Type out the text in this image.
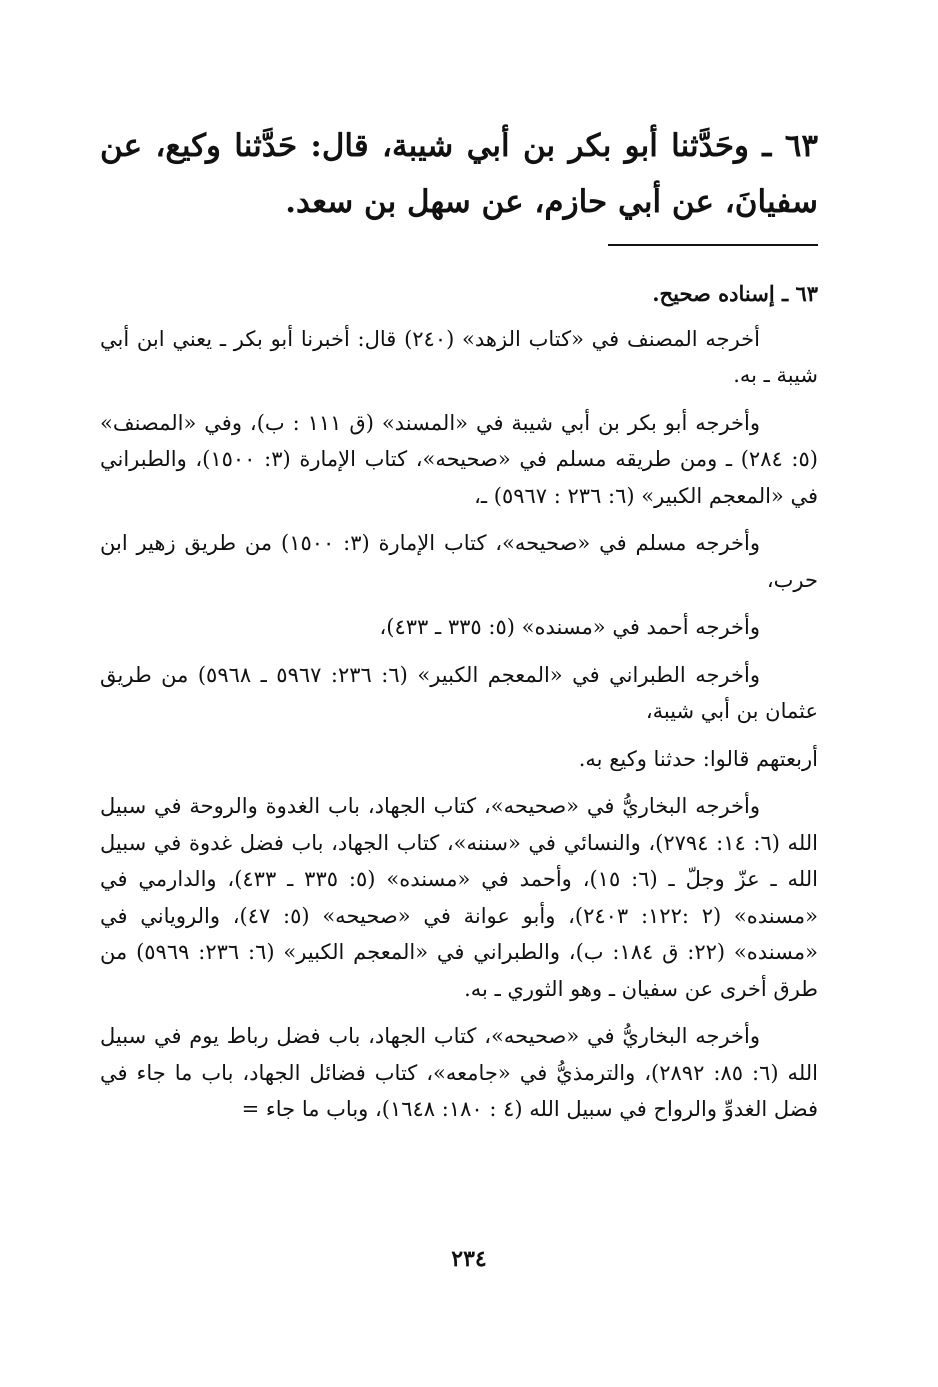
٦٣ ـ وحَدَّثنا أبو بكر بن أبي شيبة، قال: حَدَّثنا وكيع، عن سفيانَ، عن أبي حازم، عن سهل بن سعد.

٦٣ ـ إسناده صحيح.

أخرجه المصنف في «كتاب الزهد» (٢٤٠) قال: أخبرنا أبو بكر ـ يعني ابن أبي شيبة ـ به.

وأخرجه أبو بكر بن أبي شيبة في «المسند» (ق ١١١ : ب)، وفي «المصنف» (٥: ٢٨٤) ـ ومن طريقه مسلم في «صحيحه»، كتاب الإمارة (٣: ١٥٠٠)، والطبراني في «المعجم الكبير» (٦: ٢٣٦ : ٥٩٦٧) ـ،

وأخرجه مسلم في «صحيحه»، كتاب الإمارة (٣: ١٥٠٠) من طريق زهير ابن حرب،

وأخرجه أحمد في «مسنده» (٥: ٣٣٥ ـ ٤٣٣)،

وأخرجه الطبراني في «المعجم الكبير» (٦: ٢٣٦: ٥٩٦٧ ـ ٥٩٦٨) من طريق عثمان بن أبي شيبة،

أربعتهم قالوا: حدثنا وكيع به.

وأخرجه البخاريُّ في «صحيحه»، كتاب الجهاد، باب الغدوة والروحة في سبيل الله (٦: ١٤: ٢٧٩٤)، والنسائي في «سننه»، كتاب الجهاد، باب فضل غدوة في سبيل الله ـ عزّ وجلّ ـ (٦: ١٥)، وأحمد في «مسنده» (٥: ٣٣٥ ـ ٤٣٣)، والدارمي في «مسنده» (٢ :١٢٢: ٢٤٠٣)، وأبو عوانة في «صحيحه» (٥: ٤٧)، والروياني في «مسنده» (٢٢: ق ١٨٤: ب)، والطبراني في «المعجم الكبير» (٦: ٢٣٦: ٥٩٦٩) من طرق أخرى عن سفيان ـ وهو الثوري ـ به.

وأخرجه البخاريُّ في «صحيحه»، كتاب الجهاد، باب فضل رباط يوم في سبيل الله (٦: ٨٥: ٢٨٩٢)، والترمذيُّ في «جامعه»، كتاب فضائل الجهاد، باب ما جاء في فضل الغدوِّ والرواح في سبيل الله (٤ : ١٨٠: ١٦٤٨)، وباب ما جاء =

٢٣٤
